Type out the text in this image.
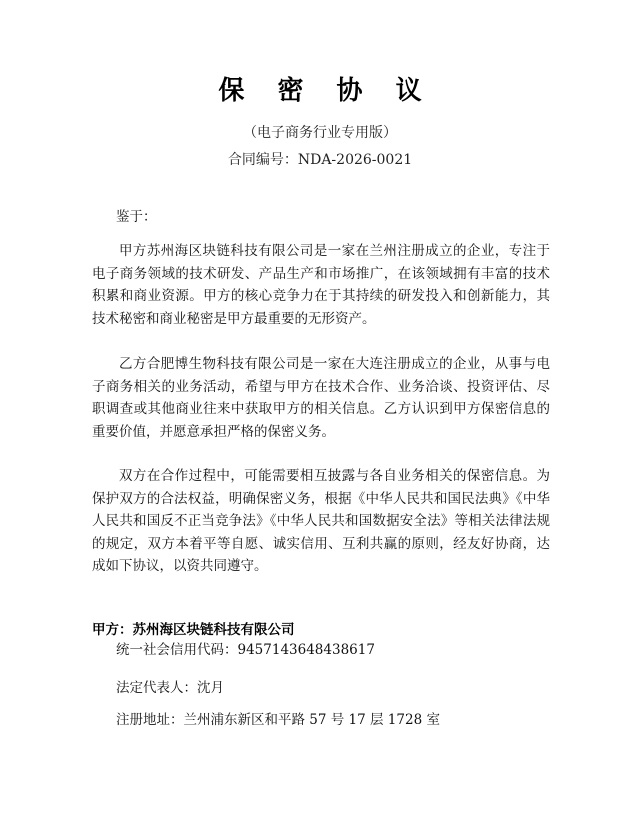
保 密 协 议
（电子商务行业专用版）
合同编号：NDA-2026-0021
鉴于：

甲方苏州海区块链科技有限公司是一家在兰州注册成立的企业，专注于电子商务领域的技术研发、产品生产和市场推广，在该领域拥有丰富的技术积累和商业资源。甲方的核心竞争力在于其持续的研发投入和创新能力，其技术秘密和商业秘密是甲方最重要的无形资产。

乙方合肥博生物科技有限公司是一家在大连注册成立的企业，从事与电子商务相关的业务活动，希望与甲方在技术合作、业务洽谈、投资评估、尽职调查或其他商业往来中获取甲方的相关信息。乙方认识到甲方保密信息的重要价值，并愿意承担严格的保密义务。

双方在合作过程中，可能需要相互披露与各自业务相关的保密信息。为保护双方的合法权益，明确保密义务，根据《中华人民共和国民法典》《中华人民共和国反不正当竞争法》《中华人民共和国数据安全法》等相关法律法规的规定，双方本着平等自愿、诚实信用、互利共赢的原则，经友好协商，达成如下协议，以资共同遵守。

甲方：苏州海区块链科技有限公司
统一社会信用代码：9457143648438617
法定代表人：沈月
注册地址：兰州浦东新区和平路 57 号 17 层 1728 室
